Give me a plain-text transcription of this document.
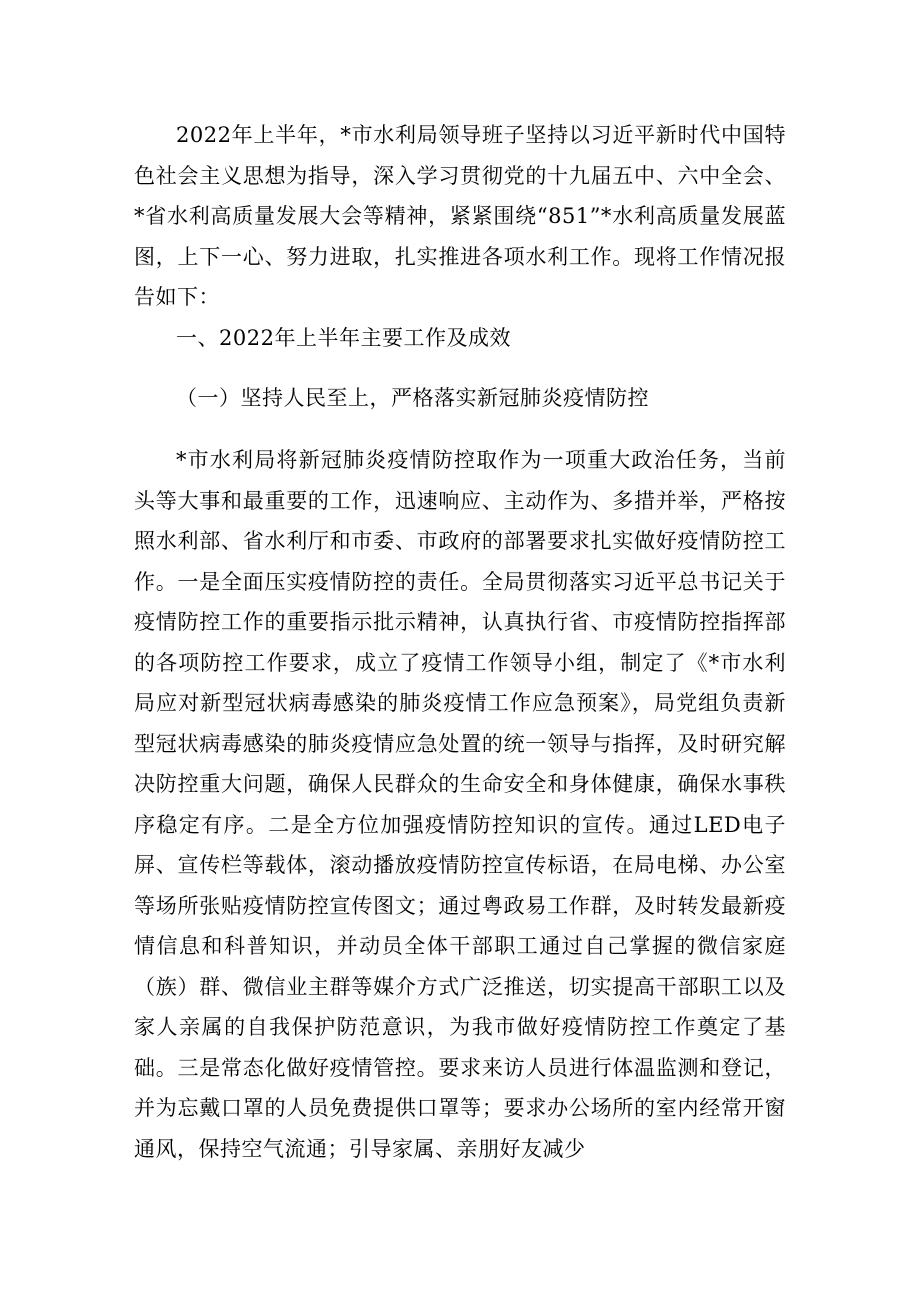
2022年上半年，*市水利局领导班子坚持以习近平新时代中国特色社会主义思想为指导，深入学习贯彻党的十九届五中、六中全会、*省水利高质量发展大会等精神，紧紧围绕“851”*水利高质量发展蓝图，上下一心、努力进取，扎实推进各项水利工作。现将工作情况报告如下：

一、2022年上半年主要工作及成效

（一）坚持人民至上，严格落实新冠肺炎疫情防控

*市水利局将新冠肺炎疫情防控取作为一项重大政治任务，当前头等大事和最重要的工作，迅速响应、主动作为、多措并举，严格按照水利部、省水利厅和市委、市政府的部署要求扎实做好疫情防控工作。一是全面压实疫情防控的责任。全局贯彻落实习近平总书记关于疫情防控工作的重要指示批示精神，认真执行省、市疫情防控指挥部的各项防控工作要求，成立了疫情工作领导小组，制定了《*市水利局应对新型冠状病毒感染的肺炎疫情工作应急预案》，局党组负责新型冠状病毒感染的肺炎疫情应急处置的统一领导与指挥，及时研究解决防控重大问题，确保人民群众的生命安全和身体健康，确保水事秩序稳定有序。二是全方位加强疫情防控知识的宣传。通过LED电子屏、宣传栏等载体，滚动播放疫情防控宣传标语，在局电梯、办公室等场所张贴疫情防控宣传图文；通过粤政易工作群，及时转发最新疫情信息和科普知识，并动员全体干部职工通过自己掌握的微信家庭（族）群、微信业主群等媒介方式广泛推送，切实提高干部职工以及家人亲属的自我保护防范意识，为我市做好疫情防控工作奠定了基础。三是常态化做好疫情管控。要求来访人员进行体温监测和登记，并为忘戴口罩的人员免费提供口罩等；要求办公场所的室内经常开窗通风，保持空气流通；引导家属、亲朋好友减少
